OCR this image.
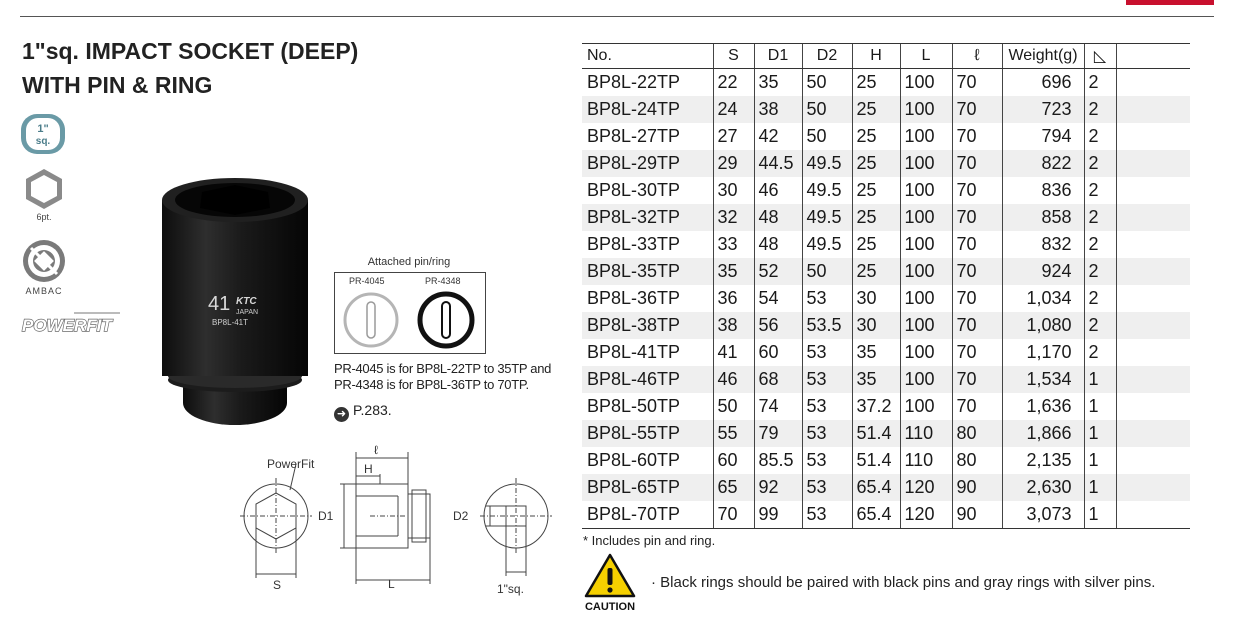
1"sq. IMPACT SOCKET (DEEP)
WITH PIN & RING
1"
sq.
6pt.
AMBAC
POWERFIT
41 KTC
JAPAN
BP8L-41T
Attached pin/ring
PR-4045	PR-4348
PR-4045 is for BP8L-22TP to 35TP and
PR-4348 is for BP8L-36TP to 70TP.
➜ P.283.
PowerFit
D1
S
ℓ
H
L
D2
1"sq.
No.	S	D1	D2	H	L	ℓ	Weight(g)	◺	
BP8L-22TP	22	35	50	25	100	70	696	2	
BP8L-24TP	24	38	50	25	100	70	723	2	
BP8L-27TP	27	42	50	25	100	70	794	2	
BP8L-29TP	29	44.5	49.5	25	100	70	822	2	
BP8L-30TP	30	46	49.5	25	100	70	836	2	
BP8L-32TP	32	48	49.5	25	100	70	858	2	
BP8L-33TP	33	48	49.5	25	100	70	832	2	
BP8L-35TP	35	52	50	25	100	70	924	2	
BP8L-36TP	36	54	53	30	100	70	1,034	2	
BP8L-38TP	38	56	53.5	30	100	70	1,080	2	
BP8L-41TP	41	60	53	35	100	70	1,170	2	
BP8L-46TP	46	68	53	35	100	70	1,534	1	
BP8L-50TP	50	74	53	37.2	100	70	1,636	1	
BP8L-55TP	55	79	53	51.4	110	80	1,866	1	
BP8L-60TP	60	85.5	53	51.4	110	80	2,135	1	
BP8L-65TP	65	92	53	65.4	120	90	2,630	1	
BP8L-70TP	70	99	53	65.4	120	90	3,073	1	
* Includes pin and ring.
CAUTION
· Black rings should be paired with black pins and gray rings with silver pins.
